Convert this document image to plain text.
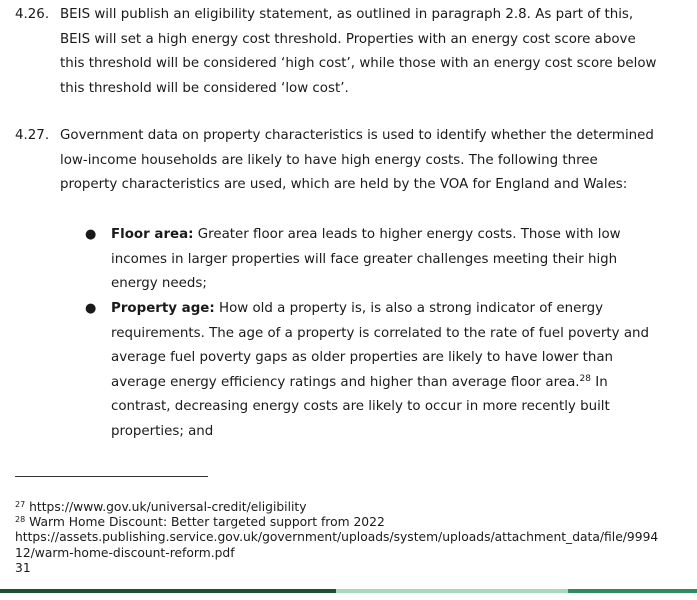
4.26. BEIS will publish an eligibility statement, as outlined in paragraph 2.8. As part of this,
BEIS will set a high energy cost threshold. Properties with an energy cost score above
this threshold will be considered ‘high cost’, while those with an energy cost score below
this threshold will be considered ‘low cost’.
4.27. Government data on property characteristics is used to identify whether the determined
low-income households are likely to have high energy costs. The following three
property characteristics are used, which are held by the VOA for England and Wales:
● Floor area: Greater floor area leads to higher energy costs. Those with low
incomes in larger properties will face greater challenges meeting their high
energy needs;
● Property age: How old a property is, is also a strong indicator of energy
requirements. The age of a property is correlated to the rate of fuel poverty and
average fuel poverty gaps as older properties are likely to have lower than
average energy efficiency ratings and higher than average floor area.$^{28}$ In
contrast, decreasing energy costs are likely to occur in more recently built
properties; and
$^{27}$ https://www.gov.uk/universal-credit/eligibility
$^{28}$ Warm Home Discount: Better targeted support from 2022
https://assets.publishing.service.gov.uk/government/uploads/system/uploads/attachment_data/file/9994
12/warm-home-discount-reform.pdf
31
